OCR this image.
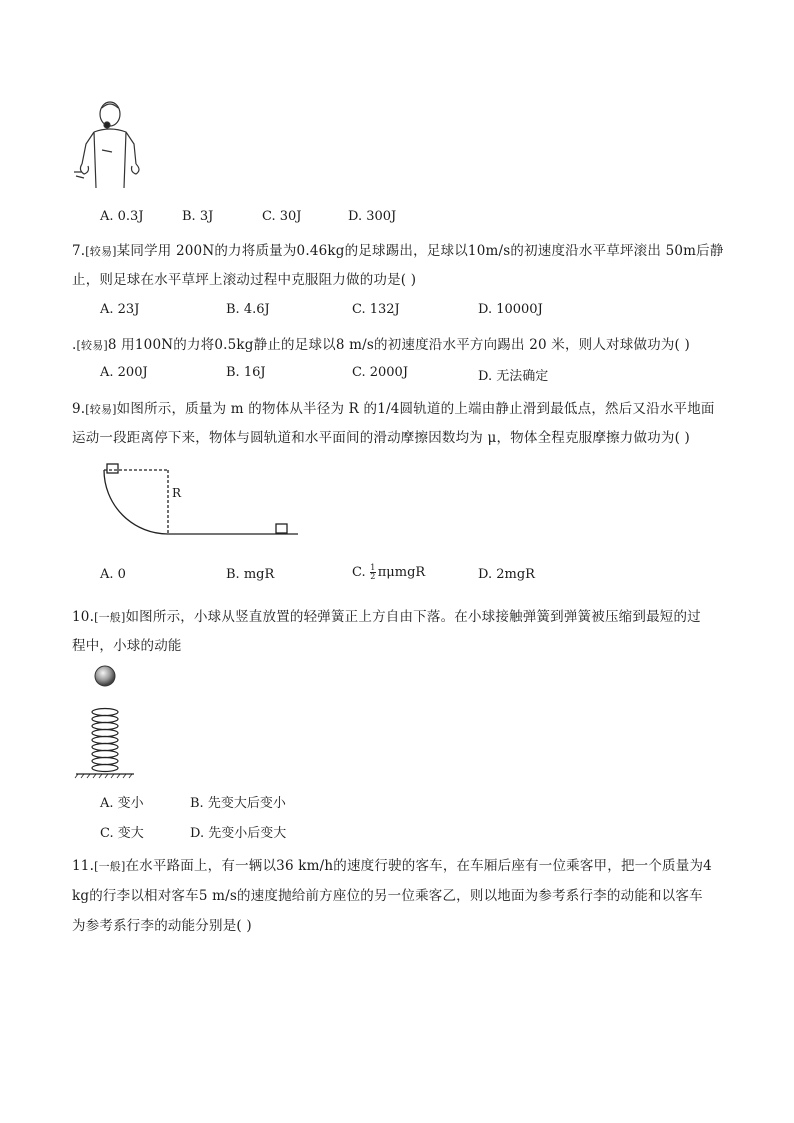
A. 0.3J	B. 3J	C. 30J	D. 300J
7.[较易]某同学用 200N的力将质量为0.46kg的足球踢出，足球以10m/s的初速度沿水平草坪滚出 50m后静
止，则足球在水平草坪上滚动过程中克服阻力做的功是( )
A. 23J	B. 4.6J	C. 132J	D. 10000J
.[较易]8 用100N的力将0.5kg静止的足球以8 m/s的初速度沿水平方向踢出 20 米，则人对球做功为( )
A. 200J	B. 16J	C. 2000J	D. 无法确定
9.[较易]如图所示，质量为 m 的物体从半径为 R 的1/4圆轨道的上端由静止滑到最低点，然后又沿水平地面
运动一段距离停下来，物体与圆轨道和水平面间的滑动摩擦因数均为 μ，物体全程克服摩擦力做功为( )
R
A. 0	B. mgR	C. $\frac{1}{2}$ πμmgR	D. 2mgR
10.[一般]如图所示，小球从竖直放置的轻弹簧正上方自由下落。在小球接触弹簧到弹簧被压缩到最短的过
程中，小球的动能
A. 变小	B. 先变大后变小
C. 变大	D. 先变小后变大
11.[一般]在水平路面上，有一辆以36 km/h的速度行驶的客车，在车厢后座有一位乘客甲，把一个质量为4
kg的行李以相对客车5 m/s的速度抛给前方座位的另一位乘客乙，则以地面为参考系行李的动能和以客车
为参考系行李的动能分别是( )
